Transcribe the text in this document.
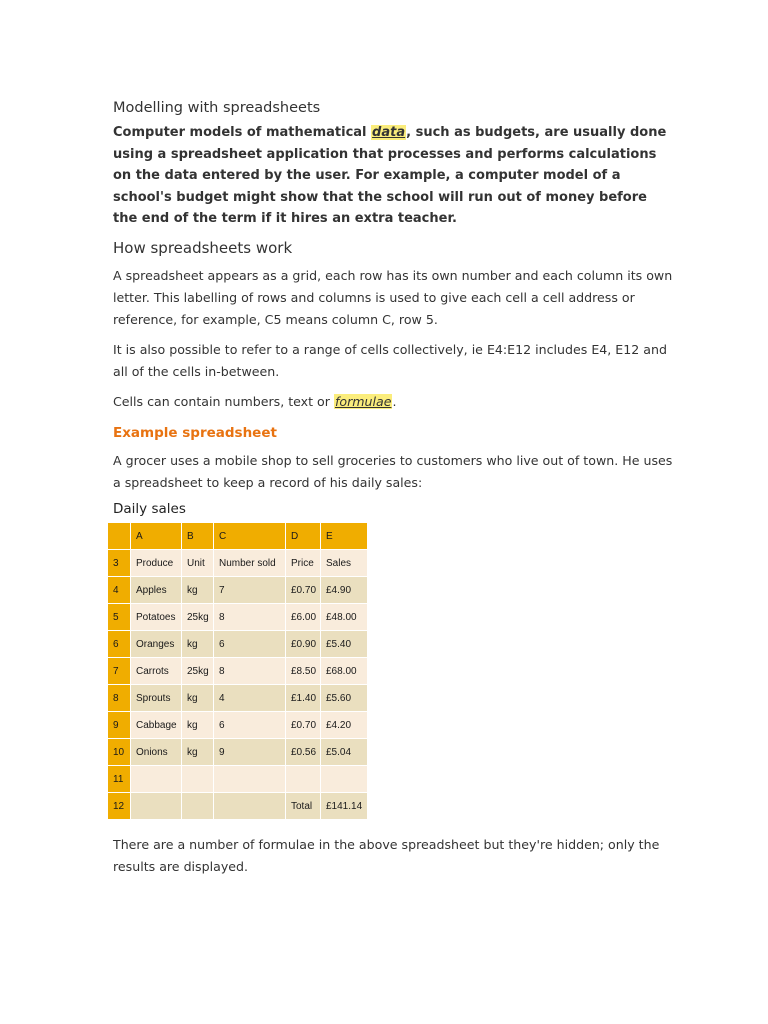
Modelling with spreadsheets

Computer models of mathematical data, such as budgets, are usually done using a spreadsheet application that processes and performs calculations on the data entered by the user. For example, a computer model of a school's budget might show that the school will run out of money before the end of the term if it hires an extra teacher.

How spreadsheets work

A spreadsheet appears as a grid, each row has its own number and each column its own letter. This labelling of rows and columns is used to give each cell a cell address or reference, for example, C5 means column C, row 5.

It is also possible to refer to a range of cells collectively, ie E4:E12 includes E4, E12 and all of the cells in-between.

Cells can contain numbers, text or formulae.

Example spreadsheet

A grocer uses a mobile shop to sell groceries to customers who live out of town. He uses a spreadsheet to keep a record of his daily sales:

Daily sales
	A	B	C	D	E
3	Produce	Unit	Number sold	Price	Sales
4	Apples	kg	7	£0.70	£4.90
5	Potatoes	25kg	8	£6.00	£48.00
6	Oranges	kg	6	£0.90	£5.40
7	Carrots	25kg	8	£8.50	£68.00
8	Sprouts	kg	4	£1.40	£5.60
9	Cabbage	kg	6	£0.70	£4.20
10	Onions	kg	9	£0.56	£5.04
11					
12				Total	£141.14

There are a number of formulae in the above spreadsheet but they're hidden; only the results are displayed.
